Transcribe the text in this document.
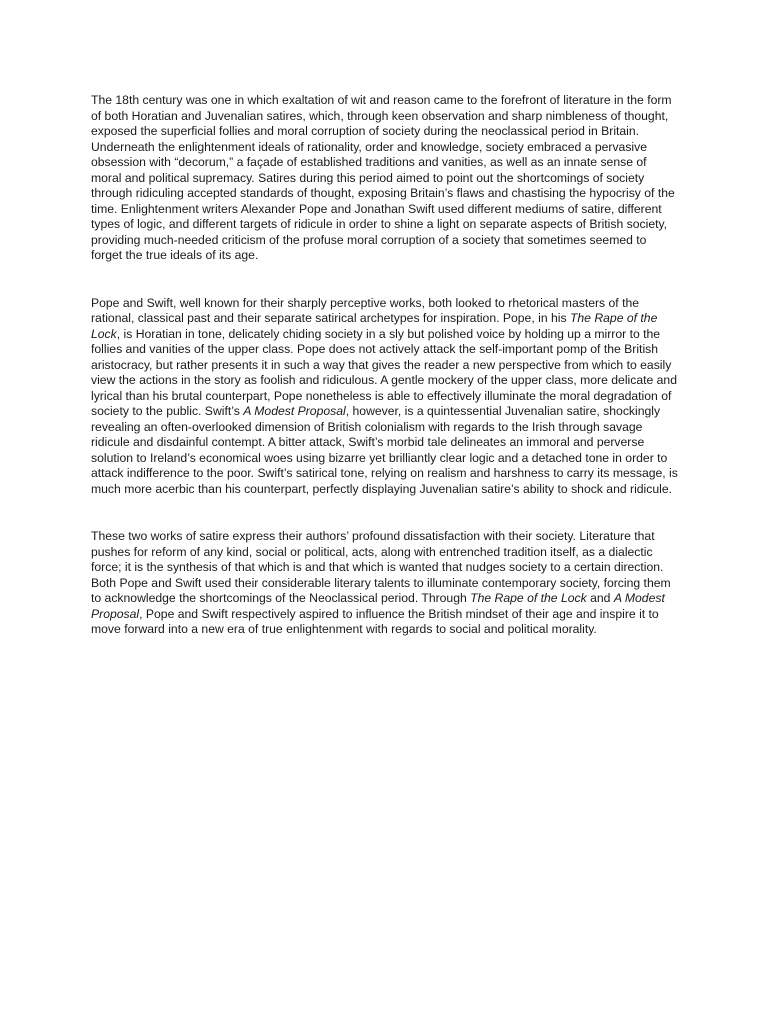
The 18th century was one in which exaltation of wit and reason came to the forefront of literature in the form of both Horatian and Juvenalian satires, which, through keen observation and sharp nimbleness of thought, exposed the superficial follies and moral corruption of society during the neoclassical period in Britain. Underneath the enlightenment ideals of rationality, order and knowledge, society embraced a pervasive obsession with “decorum,” a façade of established traditions and vanities, as well as an innate sense of moral and political supremacy. Satires during this period aimed to point out the shortcomings of society through ridiculing accepted standards of thought, exposing Britain’s flaws and chastising the hypocrisy of the time. Enlightenment writers Alexander Pope and Jonathan Swift used different mediums of satire, different types of logic, and different targets of ridicule in order to shine a light on separate aspects of British society, providing much-needed criticism of the profuse moral corruption of a society that sometimes seemed to forget the true ideals of its age.

Pope and Swift, well known for their sharply perceptive works, both looked to rhetorical masters of the rational, classical past and their separate satirical archetypes for inspiration. Pope, in his The Rape of the Lock, is Horatian in tone, delicately chiding society in a sly but polished voice by holding up a mirror to the follies and vanities of the upper class. Pope does not actively attack the self-important pomp of the British aristocracy, but rather presents it in such a way that gives the reader a new perspective from which to easily view the actions in the story as foolish and ridiculous. A gentle mockery of the upper class, more delicate and lyrical than his brutal counterpart, Pope nonetheless is able to effectively illuminate the moral degradation of society to the public. Swift’s A Modest Proposal, however, is a quintessential Juvenalian satire, shockingly revealing an often-overlooked dimension of British colonialism with regards to the Irish through savage ridicule and disdainful contempt. A bitter attack, Swift’s morbid tale delineates an immoral and perverse solution to Ireland’s economical woes using bizarre yet brilliantly clear logic and a detached tone in order to attack indifference to the poor. Swift’s satirical tone, relying on realism and harshness to carry its message, is much more acerbic than his counterpart, perfectly displaying Juvenalian satire’s ability to shock and ridicule.

These two works of satire express their authors’ profound dissatisfaction with their society. Literature that pushes for reform of any kind, social or political, acts, along with entrenched tradition itself, as a dialectic force; it is the synthesis of that which is and that which is wanted that nudges society to a certain direction. Both Pope and Swift used their considerable literary talents to illuminate contemporary society, forcing them to acknowledge the shortcomings of the Neoclassical period. Through The Rape of the Lock and A Modest Proposal, Pope and Swift respectively aspired to influence the British mindset of their age and inspire it to move forward into a new era of true enlightenment with regards to social and political morality.
